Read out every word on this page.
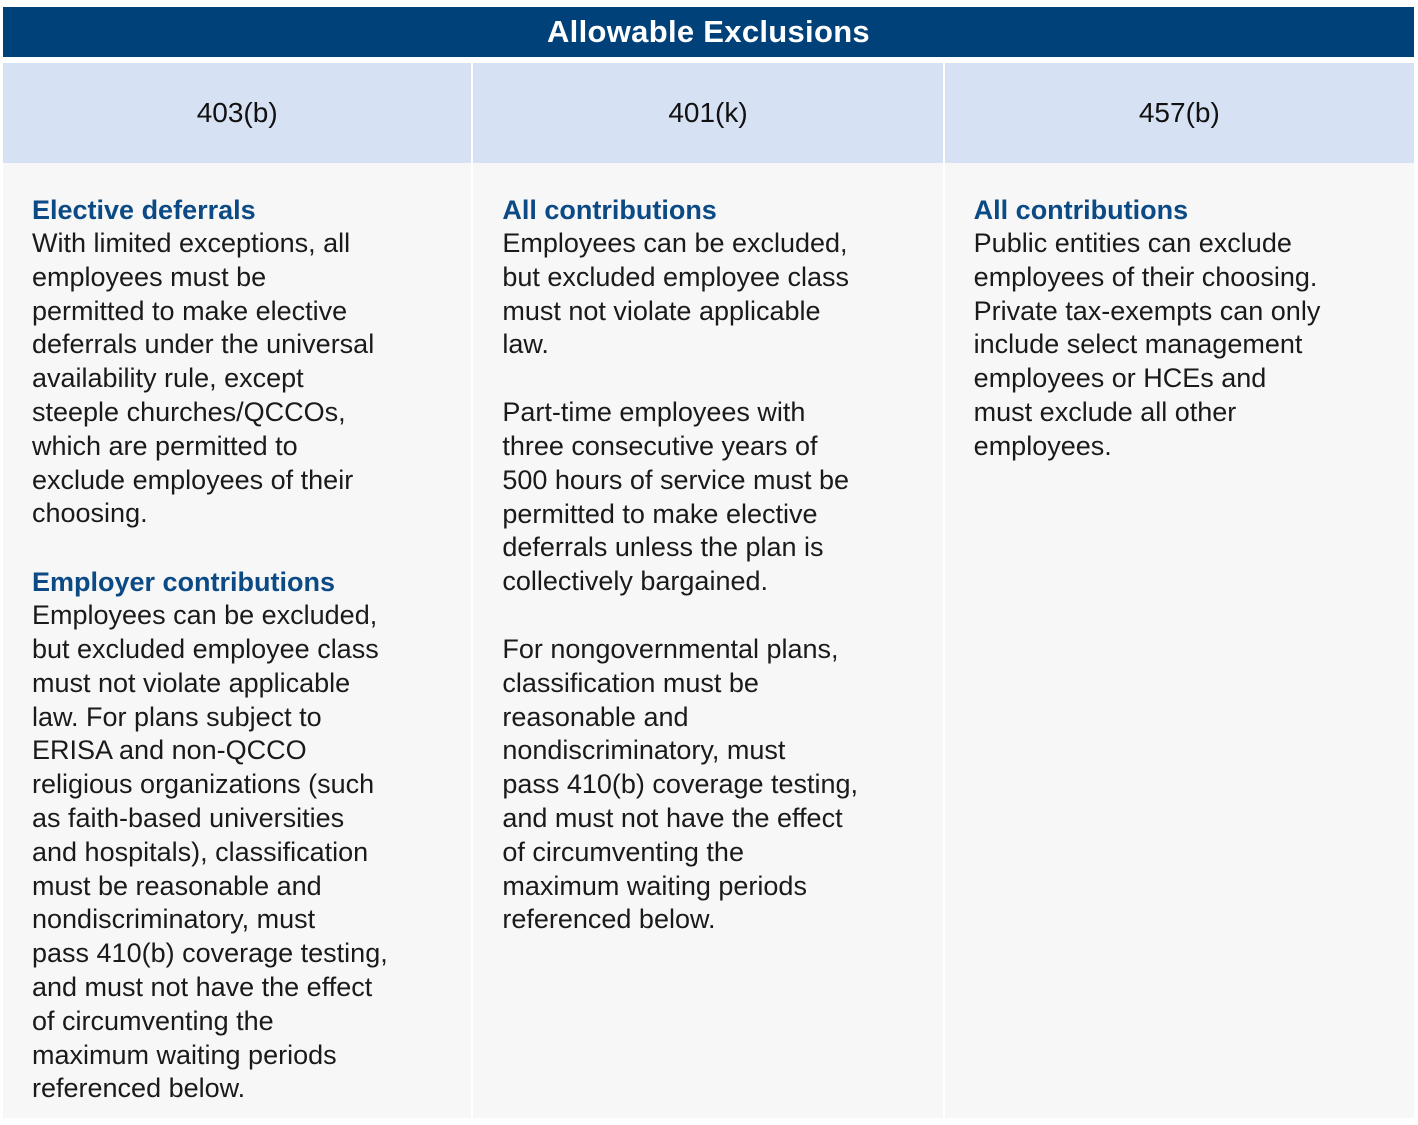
Allowable Exclusions
403(b)	401(k)	457(b)
Elective deferrals
With limited exceptions, all
employees must be
permitted to make elective
deferrals under the universal
availability rule, except
steeple churches/QCCOs,
which are permitted to
exclude employees of their
choosing.
Employer contributions
Employees can be excluded,
but excluded employee class
must not violate applicable
law. For plans subject to
ERISA and non-QCCO
religious organizations (such
as faith-based universities
and hospitals), classification
must be reasonable and
nondiscriminatory, must
pass 410(b) coverage testing,
and must not have the effect
of circumventing the
maximum waiting periods
referenced below.
All contributions
Employees can be excluded,
but excluded employee class
must not violate applicable
law.
Part-time employees with
three consecutive years of
500 hours of service must be
permitted to make elective
deferrals unless the plan is
collectively bargained.
For nongovernmental plans,
classification must be
reasonable and
nondiscriminatory, must
pass 410(b) coverage testing,
and must not have the effect
of circumventing the
maximum waiting periods
referenced below.
All contributions
Public entities can exclude
employees of their choosing.
Private tax-exempts can only
include select management
employees or HCEs and
must exclude all other
employees.
